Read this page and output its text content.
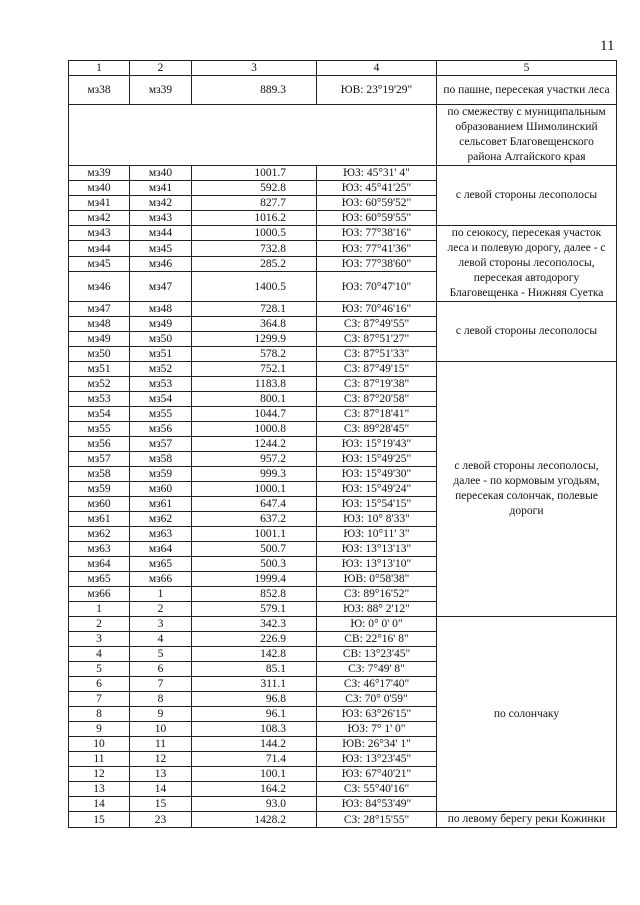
11
1	2	3	4	5
мз38	мз39	889.3	ЮВ: 23°19'29"	по пашне, пересекая участки леса
				по смежеству с муниципальным образованием Шимолинский сельсовет Благовещенского района Алтайского края
мз39	мз40	1001.7	ЮЗ: 45°31' 4"	с левой стороны лесополосы
мз40	мз41	592.8	ЮЗ: 45°41'25"	
мз41	мз42	827.7	ЮЗ: 60°59'52"	
мз42	мз43	1016.2	ЮЗ: 60°59'55"	
мз43	мз44	1000.5	ЮЗ: 77°38'16"	по сеюкосу, пересекая участок леса и полевую дорогу, далее - с левой стороны лесополосы, пересекая автодорогу Благовещенка - Нижняя Суетка
мз44	мз45	732.8	ЮЗ: 77°41'36"	
мз45	мз46	285.2	ЮЗ: 77°38'60"	
мз46	мз47	1400.5	ЮЗ: 70°47'10"	
мз47	мз48	728.1	ЮЗ: 70°46'16"	с левой стороны лесополосы
мз48	мз49	364.8	СЗ: 87°49'55"	
мз49	мз50	1299.9	СЗ: 87°51'27"	
мз50	мз51	578.2	СЗ: 87°51'33"	
мз51	мз52	752.1	СЗ: 87°49'15"	с левой стороны лесополосы, далее - по кормовым угодьям, пересекая солончак, полевые дороги
мз52	мз53	1183.8	СЗ: 87°19'38"	
мз53	мз54	800.1	СЗ: 87°20'58"	
мз54	мз55	1044.7	СЗ: 87°18'41"	
мз55	мз56	1000.8	СЗ: 89°28'45"	
мз56	мз57	1244.2	ЮЗ: 15°19'43"	
мз57	мз58	957.2	ЮЗ: 15°49'25"	
мз58	мз59	999.3	ЮЗ: 15°49'30"	
мз59	мз60	1000.1	ЮЗ: 15°49'24"	
мз60	мз61	647.4	ЮЗ: 15°54'15"	
мз61	мз62	637.2	ЮЗ: 10° 8'33"	
мз62	мз63	1001.1	ЮЗ: 10°11' 3"	
мз63	мз64	500.7	ЮЗ: 13°13'13"	
мз64	мз65	500.3	ЮЗ: 13°13'10"	
мз65	мз66	1999.4	ЮВ: 0°58'38"	
мз66	1	852.8	СЗ: 89°16'52"	
1	2	579.1	ЮЗ: 88° 2'12"	
2	3	342.3	Ю: 0° 0' 0"	по солончаку
3	4	226.9	СВ: 22°16' 8"	
4	5	142.8	СВ: 13°23'45"	
5	6	85.1	СЗ: 7°49' 8"	
6	7	311.1	СЗ: 46°17'40"	
7	8	96.8	СЗ: 70° 0'59"	
8	9	96.1	ЮЗ: 63°26'15"	
9	10	108.3	ЮЗ: 7° 1' 0"	
10	11	144.2	ЮВ: 26°34' 1"	
11	12	71.4	ЮЗ: 13°23'45"	
12	13	100.1	ЮЗ: 67°40'21"	
13	14	164.2	СЗ: 55°40'16"	
14	15	93.0	ЮЗ: 84°53'49"	
15	23	1428.2	СЗ: 28°15'55"	по левому берегу реки Кожинки
